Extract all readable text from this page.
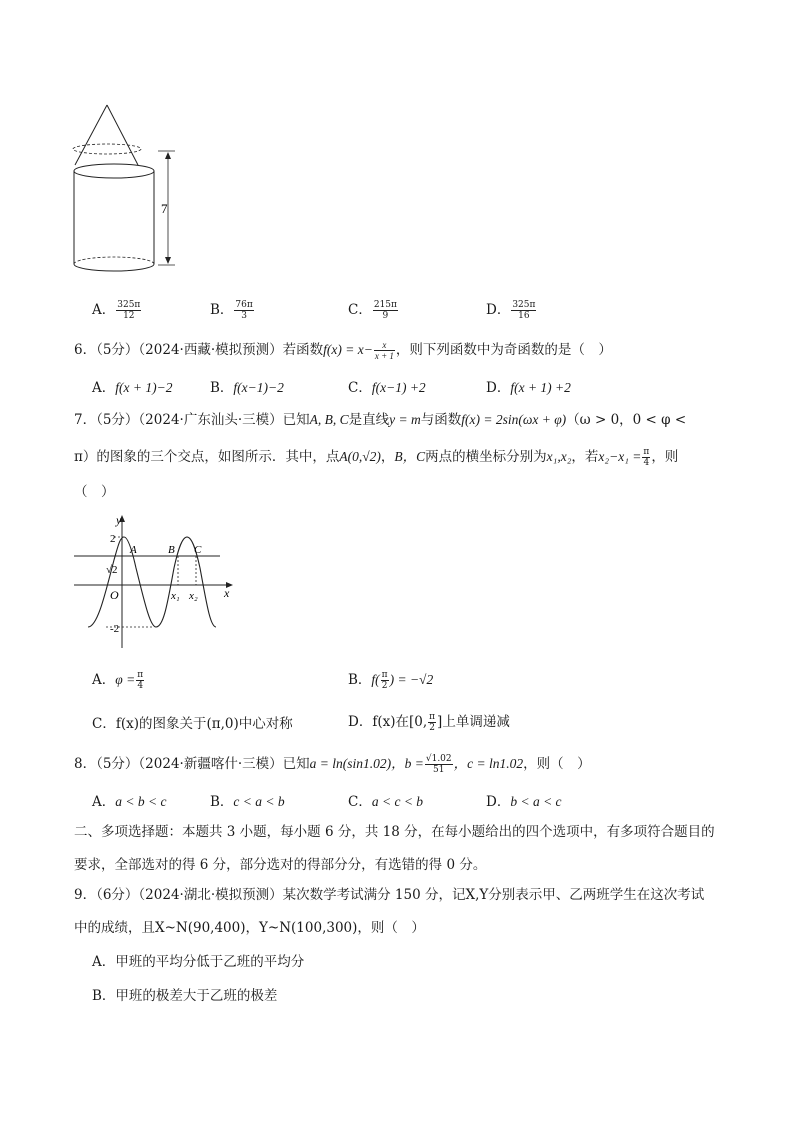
7
A． $\frac{325\pi}{12}$	B． $\frac{76\pi}{3}$	C． $\frac{215\pi}{9}$	D． $\frac{325\pi}{16}$
6．（5分）（2024·西藏·模拟预测）若函数$f(x) = x- \frac{x}{x + 1}$ ，则下列函数中为奇函数的是（　）
A．f(x + 1)−2	B．f(x−1)−2	C．f(x−1) +2	D．f(x + 1) +2
7．（5分）（2024·广东汕头·三模）已知A, B, C是直线y = m与函数f(x) = 2sin(ωx + φ)（ω > 0，0 < φ <
π）的图象的三个交点，如图所示．其中，点A(0,√2)，B，C两点的横坐标分别为x₁,x₂，若$x_2-x_1 = \frac{\pi}{4}$ ，则
（　）
y
x
O
2
√2
-2
A	B C
x₁ x₂
A．$\varphi = \frac{\pi}{4}$	B．$f( \frac{\pi}{2}$ ) = −√2
C．f(x)的图象关于(π,0)中心对称	D．f(x)在[0, $\frac{\pi}{2}$ ]上单调递减
8．（5分）（2024·新疆喀什·三模）已知a = ln(sin1.02)，$b = \frac{√1.02}{51}$ ，c = ln1.02，则（　）
A．a < b < c	B．c < a < b	C．a < c < b	D．b < a < c
二、多项选择题：本题共 3 小题，每小题 6 分，共 18 分，在每小题给出的四个选项中，有多项符合题目的
要求，全部选对的得 6 分，部分选对的得部分分，有选错的得 0 分。
9．（6分）（2024·湖北·模拟预测）某次数学考试满分 150 分，记X,Y分别表示甲、乙两班学生在这次考试
中的成绩，且X~N(90,400)，Y~N(100,300)，则（　）
A．甲班的平均分低于乙班的平均分
B．甲班的极差大于乙班的极差
